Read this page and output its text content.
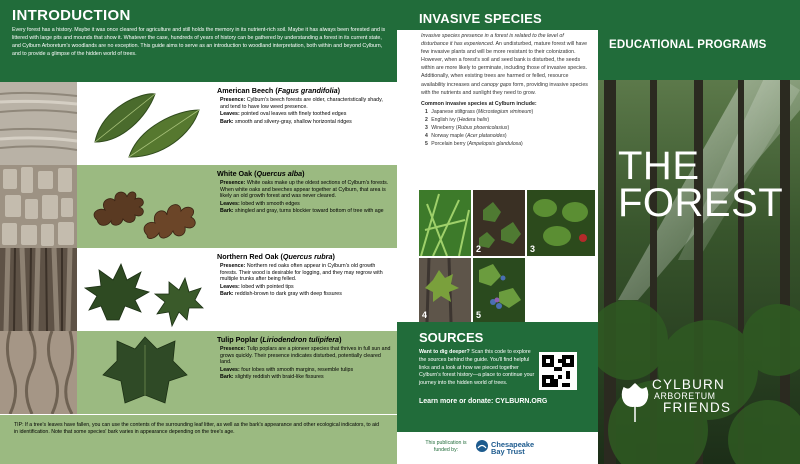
INTRODUCTION

Every forest has a history. Maybe it was once cleared for agriculture and still holds the memory in its nutrient-rich soil. Maybe it has always been forested and is littered with large pits and mounds that show it. Whatever the case, hundreds of years of history can be gathered by understanding a forest in its current state, and Cylburn Arboretum's woodlands are no exception. This guide aims to serve as an introduction to woodland interpretation, both within and beyond Cylburn, and to provide a glimpse of the hidden world of trees.

American Beech (Fagus grandifolia)
Presence: Cylburn's beech forests are older, characteristically shady, and tend to have low weed presence.
Leaves: pointed oval leaves with finely toothed edges
Bark: smooth and silvery-gray, shallow horizontal ridges
White Oak (Quercus alba)
Presence: White oaks make up the oldest sections of Cylburn's forests. When white oaks and beeches appear together at Cylburn, that area is likely an old growth forest and was never cleared.
Leaves: lobed with smooth edges
Bark: shingled and gray, turns blockier toward bottom of tree with age
Northern Red Oak (Quercus rubra)
Presence: Northern red oaks often appear in Cylburn's old growth forests. Their wood is desirable for logging, and they may regrow with multiple trunks after being felled.
Leaves: lobed with pointed tips
Bark: reddish-brown to dark gray with deep fissures
Tulip Poplar (Liriodendron tulipifera)
Presence: Tulip poplars are a pioneer species that thrives in full sun and grows quickly. Their presence indicates disturbed, potentially cleared land.
Leaves: four lobes with smooth margins, resemble tulips
Bark: slightly reddish with braid-like fissures
TIP: If a tree's leaves have fallen, you can use the contents of the surrounding leaf litter, as well as the bark's appearance and other ecological indicators, to aid in identification. Note that some species' bark varies in appearance depending on the tree's age.
INVASIVE SPECIES

Invasive species presence in a forest is related to the level of disturbance it has experienced. An undisturbed, mature forest will have few invasive plants and will be more resistant to their colonization. However, when a forest's soil and seed bank is disturbed, the seeds within are more likely to germinate, including those of invasive species. Additionally, when existing trees are harmed or felled, resource availability increases and canopy gaps form, providing invasive species with the nutrients and sunlight they need to grow.

Common invasive species at Cylburn include:
1 Japanese stiltgrass (Microstegium vimineum)
2 English ivy (Hedera helix)
3 Wineberry (Rubus phoenicolasius)
4 Norway maple (Acer platanoides)
5 Porcelain berry (Ampelopsis glandulosa)
2	3
4	5
SOURCES
Want to dig deeper? Scan this code to explore the sources behind the guide. You'll find helpful links and a look at how we pieced together Cylburn's forest history—a place to continue your journey into the hidden world of trees.
Learn more or donate: CYLBURN.ORG
This publication is funded by:
Chesapeake
Bay Trust
EDUCATIONAL PROGRAMS
THE
FOREST
CYLBURN
ARBORETUM
FRIENDS
